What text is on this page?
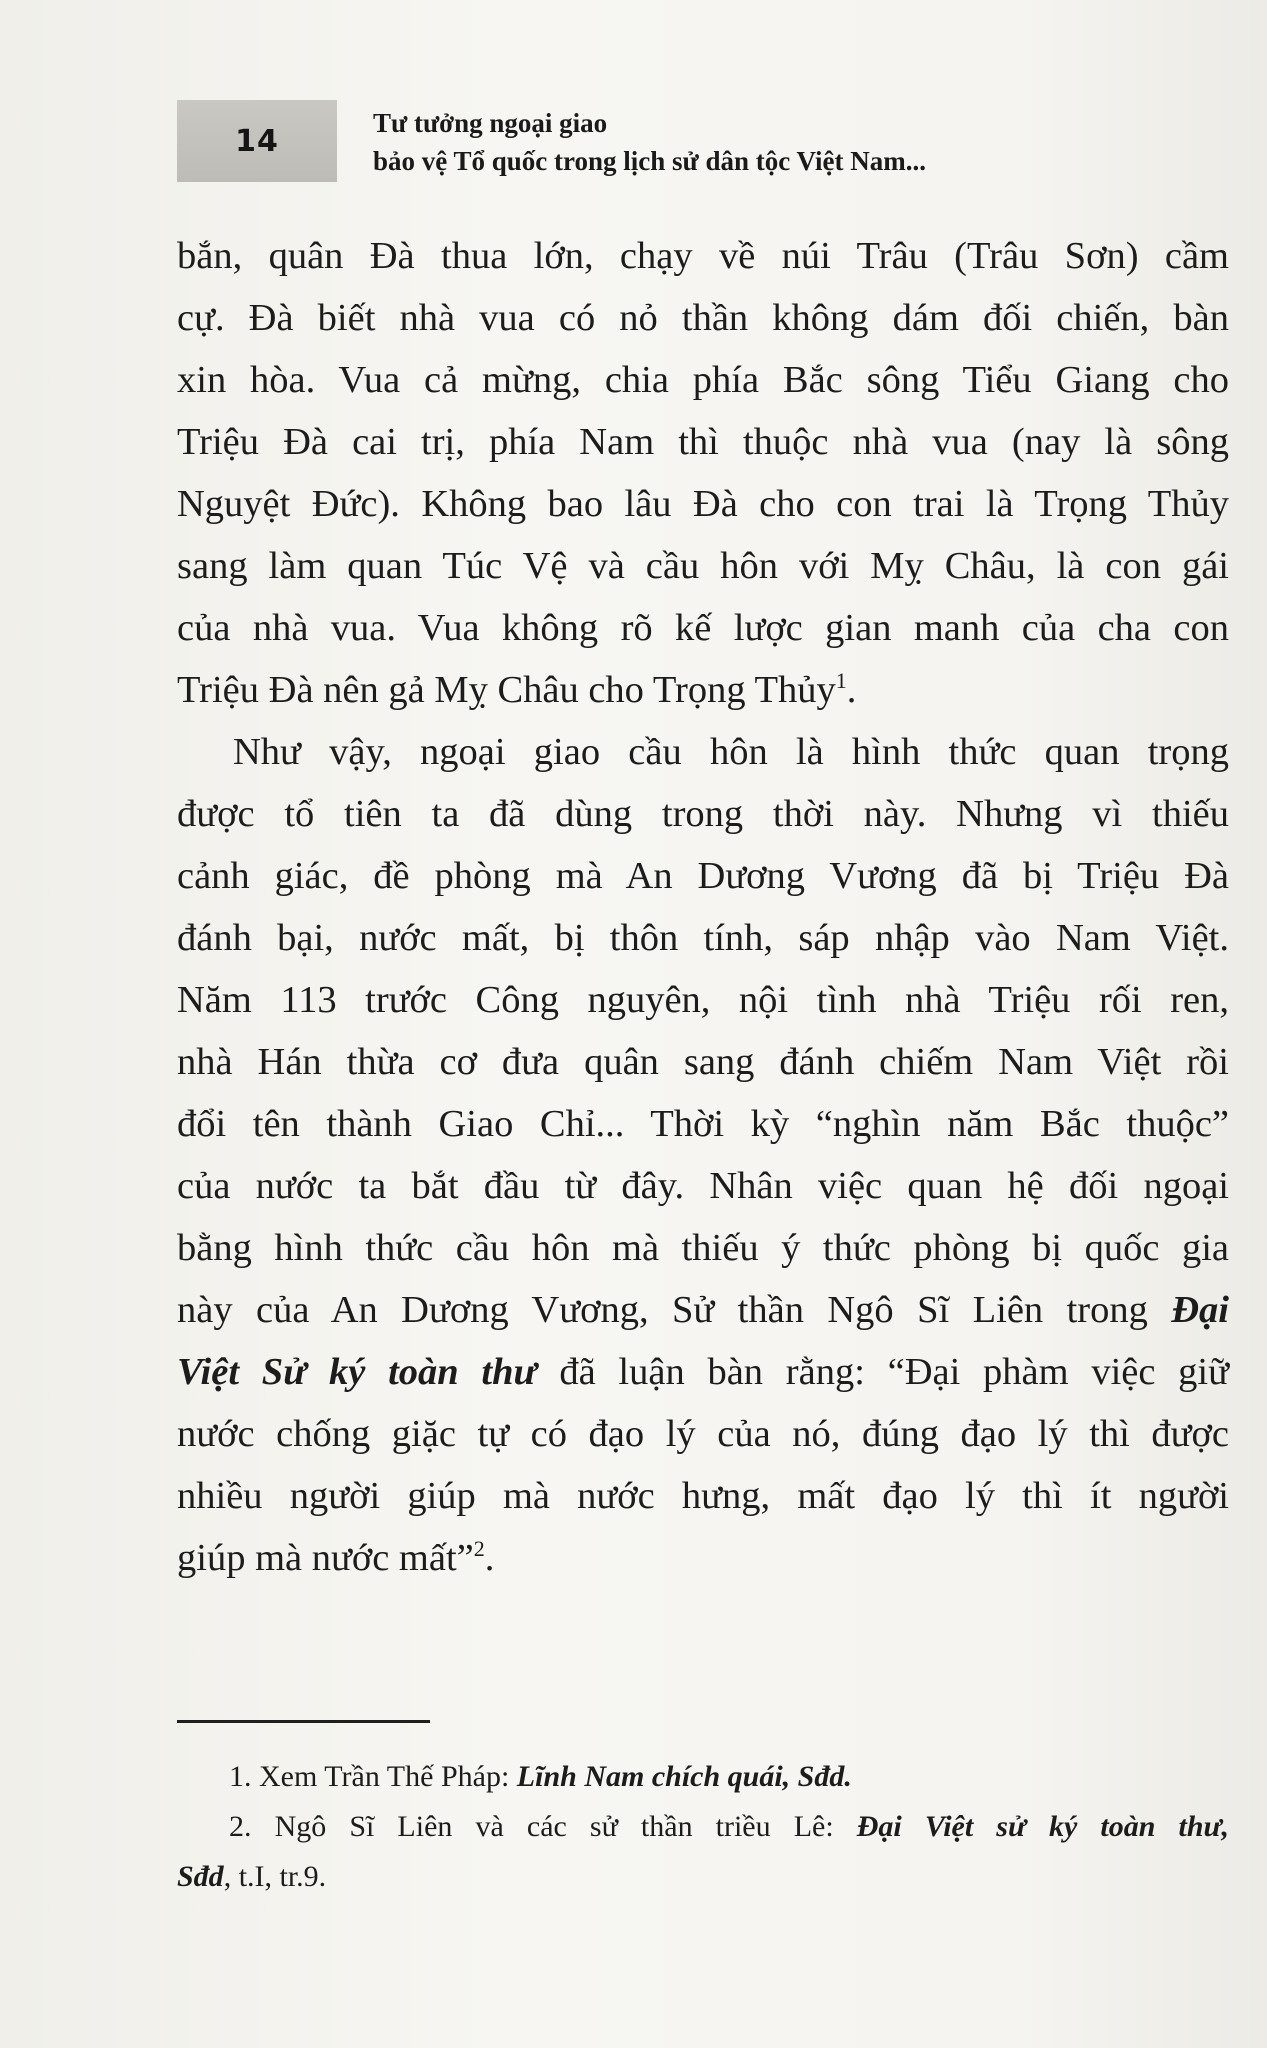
14
Tư tưởng ngoại giao
bảo vệ Tổ quốc trong lịch sử dân tộc Việt Nam...
bắn, quân Đà thua lớn, chạy về núi Trâu (Trâu Sơn) cầm
cự. Đà biết nhà vua có nỏ thần không dám đối chiến, bàn
xin hòa. Vua cả mừng, chia phía Bắc sông Tiểu Giang cho
Triệu Đà cai trị, phía Nam thì thuộc nhà vua (nay là sông
Nguyệt Đức). Không bao lâu Đà cho con trai là Trọng Thủy
sang làm quan Túc Vệ và cầu hôn với Mỵ Châu, là con gái
của nhà vua. Vua không rõ kế lược gian manh của cha con
Triệu Đà nên gả Mỵ Châu cho Trọng Thủy$^1$.
Như vậy, ngoại giao cầu hôn là hình thức quan trọng
được tổ tiên ta đã dùng trong thời này. Nhưng vì thiếu
cảnh giác, đề phòng mà An Dương Vương đã bị Triệu Đà
đánh bại, nước mất, bị thôn tính, sáp nhập vào Nam Việt.
Năm 113 trước Công nguyên, nội tình nhà Triệu rối ren,
nhà Hán thừa cơ đưa quân sang đánh chiếm Nam Việt rồi
đổi tên thành Giao Chỉ... Thời kỳ “nghìn năm Bắc thuộc”
của nước ta bắt đầu từ đây. Nhân việc quan hệ đối ngoại
bằng hình thức cầu hôn mà thiếu ý thức phòng bị quốc gia
này của An Dương Vương, Sử thần Ngô Sĩ Liên trong Đại
Việt Sử ký toàn thư đã luận bàn rằng: “Đại phàm việc giữ
nước chống giặc tự có đạo lý của nó, đúng đạo lý thì được
nhiều người giúp mà nước hưng, mất đạo lý thì ít người
giúp mà nước mất”$^2$.
1. Xem Trần Thế Pháp: Lĩnh Nam chích quái, Sđd.
2. Ngô Sĩ Liên và các sử thần triều Lê: Đại Việt sử ký toàn thư,
Sđd, t.I, tr.9.
